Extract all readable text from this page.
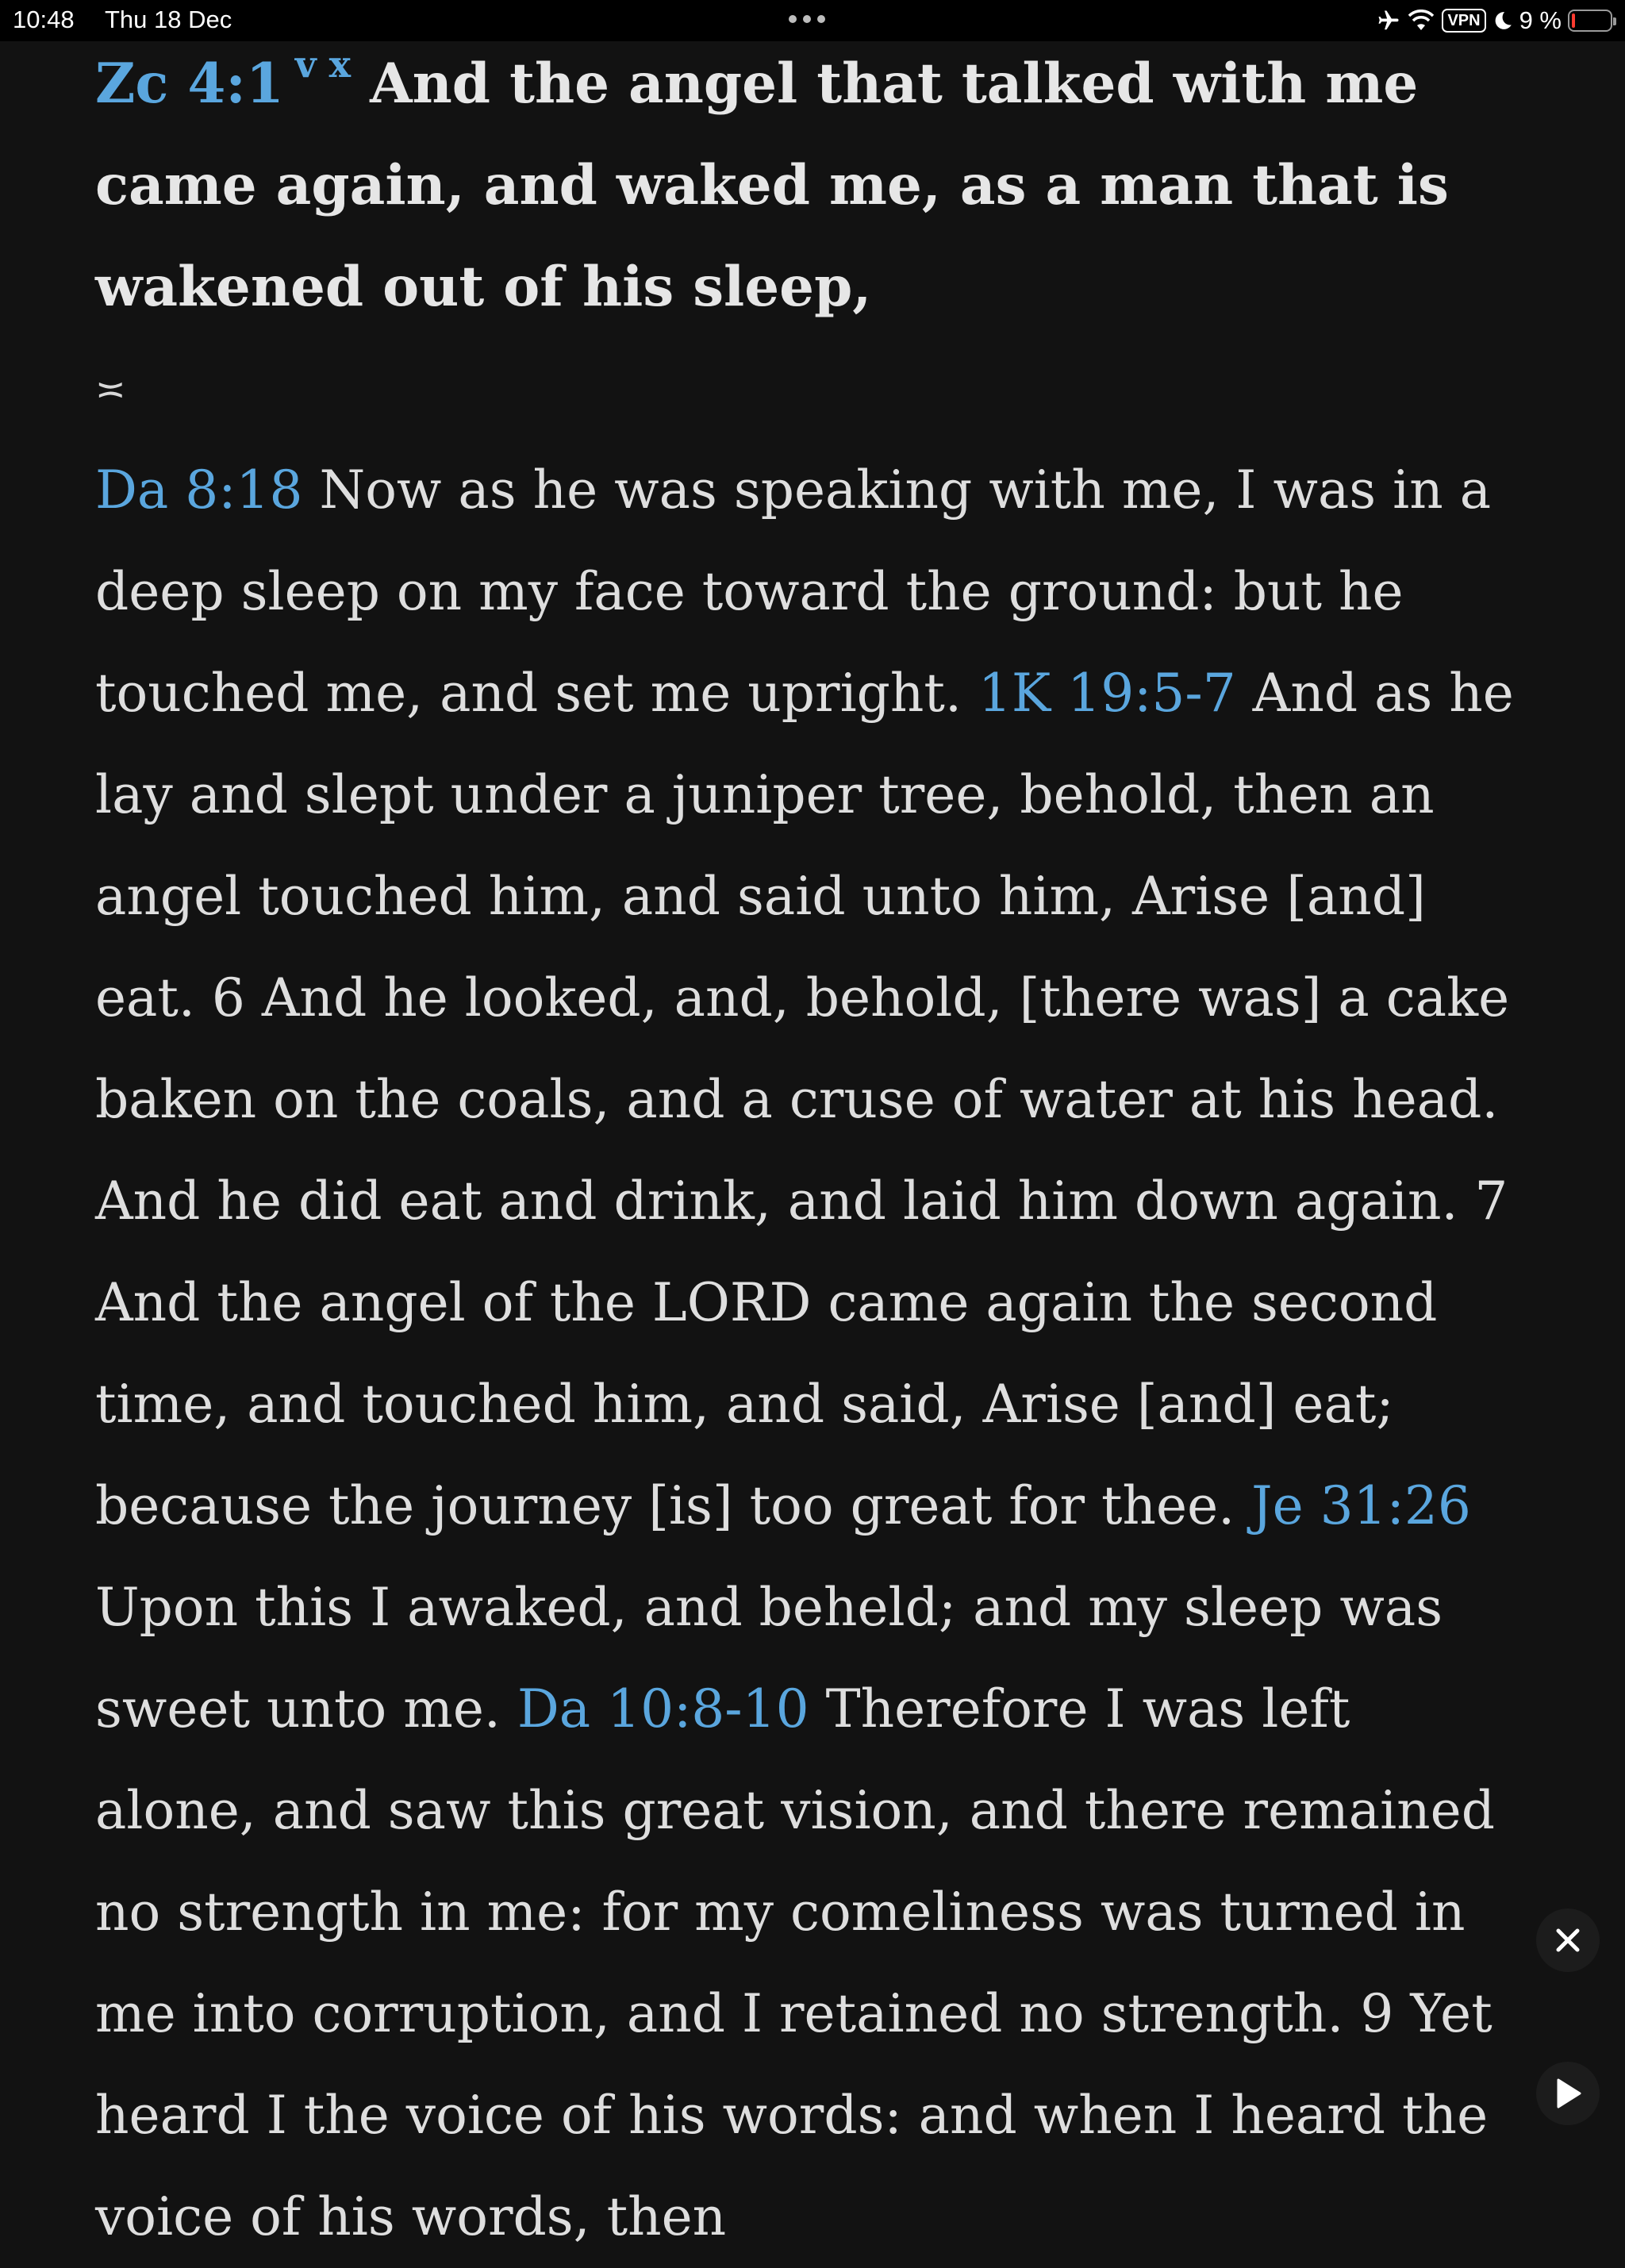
10:48 Thu 18 Dec	VPN 9 %
Zc 4:1 $^{v x}$ And the angel that talked with me came again, and waked me, as a man that is wakened out of his sleep,
≍
Da 8:18 Now as he was speaking with me, I was in a deep sleep on my face toward the ground: but he touched me, and set me upright. 1K 19:5-7 And as he lay and slept under a juniper tree, behold, then an angel touched him, and said unto him, Arise [and] eat. 6 And he looked, and, behold, [there was] a cake baken on the coals, and a cruse of water at his head. And he did eat and drink, and laid him down again. 7 And the angel of the LORD came again the second time, and touched him, and said, Arise [and] eat; because the journey [is] too great for thee. Je 31:26 Upon this I awaked, and beheld; and my sleep was sweet unto me. Da 10:8-10 Therefore I was left alone, and saw this great vision, and there remained no strength in me: for my comeliness was turned in me into corruption, and I retained no strength. 9 Yet heard I the voice of his words: and when I heard the voice of his words, then
